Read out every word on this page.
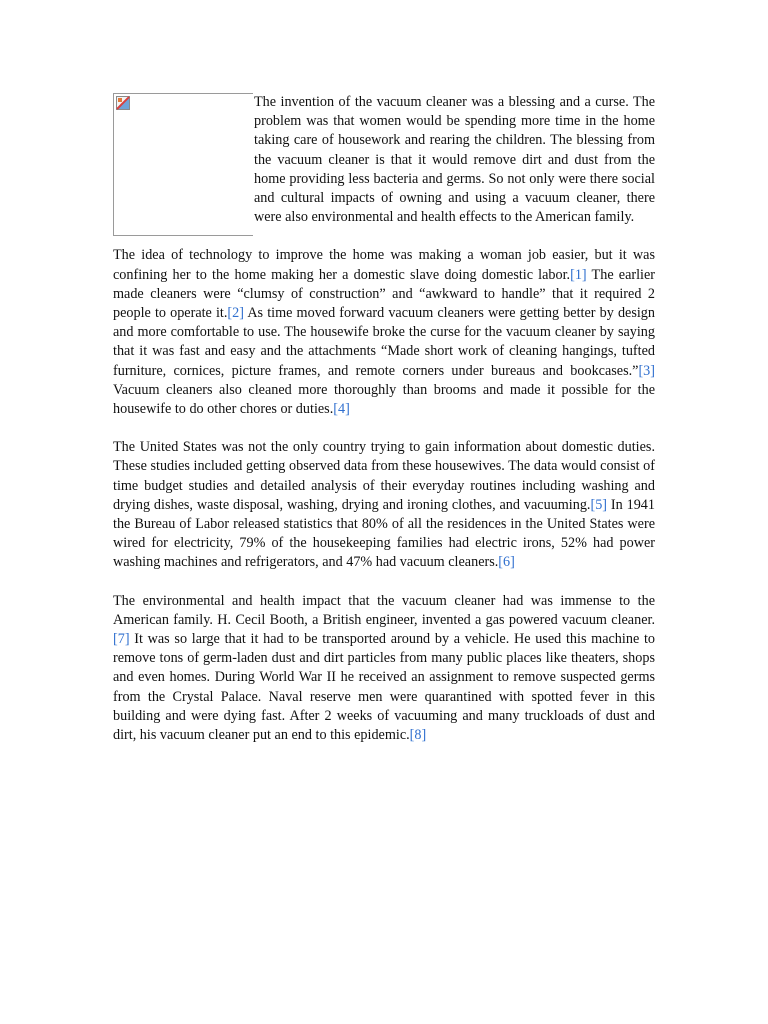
The invention of the vacuum cleaner was a blessing and a curse. The problem was that women would be spending more time in the home taking care of housework and rearing the children. The blessing from the vacuum cleaner is that it would remove dirt and dust from the home providing less bacteria and germs. So not only were there social and cultural impacts of owning and using a vacuum cleaner, there were also environmental and health effects to the American family.

The idea of technology to improve the home was making a woman job easier, but it was confining her to the home making her a domestic slave doing domestic labor.[1] The earlier made cleaners were “clumsy of construction” and “awkward to handle” that it required 2 people to operate it.[2] As time moved forward vacuum cleaners were getting better by design and more comfortable to use. The housewife broke the curse for the vacuum cleaner by saying that it was fast and easy and the attachments “Made short work of cleaning hangings, tufted furniture, cornices, picture frames, and remote corners under bureaus and bookcases.”[3] Vacuum cleaners also cleaned more thoroughly than brooms and made it possible for the housewife to do other chores or duties.[4]

The United States was not the only country trying to gain information about domestic duties. These studies included getting observed data from these housewives. The data would consist of time budget studies and detailed analysis of their everyday routines including washing and drying dishes, waste disposal, washing, drying and ironing clothes, and vacuuming.[5] In 1941 the Bureau of Labor released statistics that 80% of all the residences in the United States were wired for electricity, 79% of the housekeeping families had electric irons, 52% had power washing machines and refrigerators, and 47% had vacuum cleaners.[6]

The environmental and health impact that the vacuum cleaner had was immense to the American family. H. Cecil Booth, a British engineer, invented a gas powered vacuum cleaner.[7] It was so large that it had to be transported around by a vehicle. He used this machine to remove tons of germ-laden dust and dirt particles from many public places like theaters, shops and even homes. During World War II he received an assignment to remove suspected germs from the Crystal Palace. Naval reserve men were quarantined with spotted fever in this building and were dying fast. After 2 weeks of vacuuming and many truckloads of dust and dirt, his vacuum cleaner put an end to this epidemic.[8]
